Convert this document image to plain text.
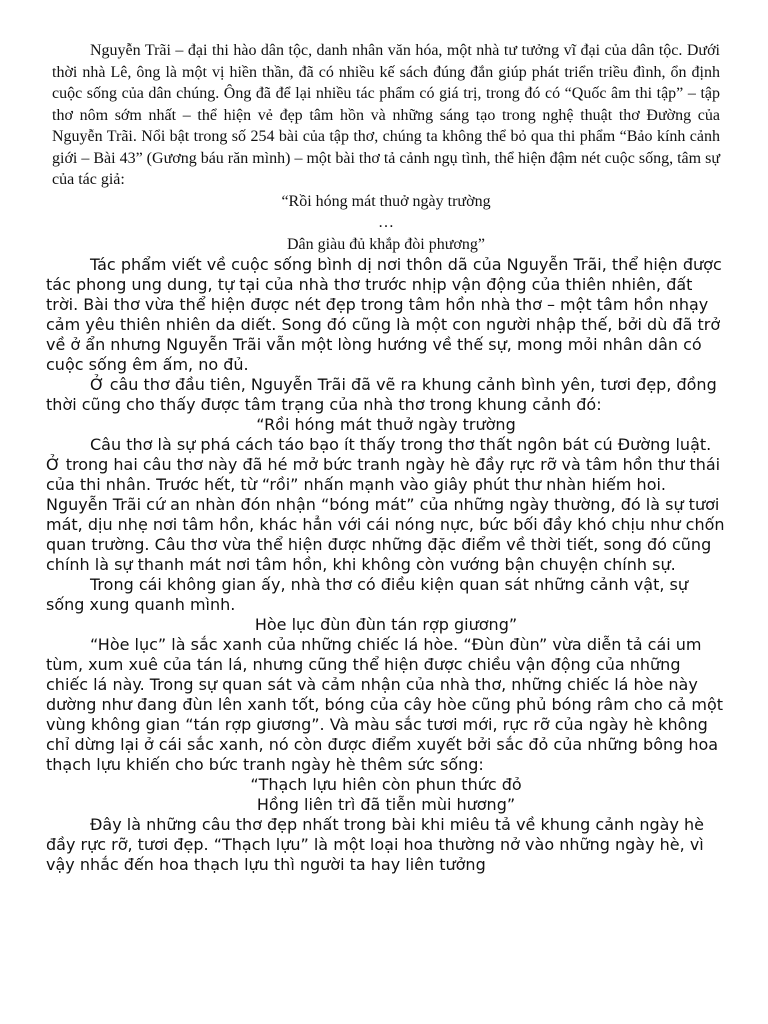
Nguyễn Trãi – đại thi hào dân tộc, danh nhân văn hóa, một nhà tư tưởng vĩ đại của dân tộc. Dưới thời nhà Lê, ông là một vị hiền thần, đã có nhiều kế sách đúng đắn giúp phát triển triều đình, ổn định cuộc sống của dân chúng. Ông đã để lại nhiều tác phẩm có giá trị, trong đó có “Quốc âm thi tập” – tập thơ nôm sớm nhất – thể hiện vẻ đẹp tâm hồn và những sáng tạo trong nghệ thuật thơ Đường của Nguyễn Trãi. Nổi bật trong số 254 bài của tập thơ, chúng ta không thể bỏ qua thi phẩm “Bảo kính cảnh giới – Bài 43” (Gương báu răn mình) – một bài thơ tả cảnh ngụ tình, thể hiện đậm nét cuộc sống, tâm sự của tác giả:

“Rồi hóng mát thuở ngày trường

…

Dân giàu đủ khắp đòi phương”

Tác phẩm viết về cuộc sống bình dị nơi thôn dã của Nguyễn Trãi, thể hiện được tác phong ung dung, tự tại của nhà thơ trước nhịp vận động của thiên nhiên, đất trời. Bài thơ vừa thể hiện được nét đẹp trong tâm hồn nhà thơ – một tâm hồn nhạy cảm yêu thiên nhiên da diết. Song đó cũng là một con người nhập thế, bởi dù đã trở về ở ẩn nhưng Nguyễn Trãi vẫn một lòng hướng về thế sự, mong mỏi nhân dân có cuộc sống êm ấm, no đủ.

Ở câu thơ đầu tiên, Nguyễn Trãi đã vẽ ra khung cảnh bình yên, tươi đẹp, đồng thời cũng cho thấy được tâm trạng của nhà thơ trong khung cảnh đó:

“Rồi hóng mát thuở ngày trường

Câu thơ là sự phá cách táo bạo ít thấy trong thơ thất ngôn bát cú Đường luật. Ở trong hai câu thơ này đã hé mở bức tranh ngày hè đầy rực rỡ và tâm hồn thư thái của thi nhân. Trước hết, từ “rồi” nhấn mạnh vào giây phút thư nhàn hiếm hoi. Nguyễn Trãi cứ an nhàn đón nhận “bóng mát” của những ngày thường, đó là sự tươi mát, dịu nhẹ nơi tâm hồn, khác hẳn với cái nóng nực, bức bối đầy khó chịu như chốn quan trường. Câu thơ vừa thể hiện được những đặc điểm về thời tiết, song đó cũng chính là sự thanh mát nơi tâm hồn, khi không còn vướng bận chuyện chính sự.

Trong cái không gian ấy, nhà thơ có điều kiện quan sát những cảnh vật, sự sống xung quanh mình.

Hòe lục đùn đùn tán rợp giương”

“Hòe lục” là sắc xanh của những chiếc lá hòe. “Đùn đùn” vừa diễn tả cái um tùm, xum xuê của tán lá, nhưng cũng thể hiện được chiều vận động của những chiếc lá này. Trong sự quan sát và cảm nhận của nhà thơ, những chiếc lá hòe này dường như đang đùn lên xanh tốt, bóng của cây hòe cũng phủ bóng râm cho cả một vùng không gian “tán rợp giương”. Và màu sắc tươi mới, rực rỡ của ngày hè không chỉ dừng lại ở cái sắc xanh, nó còn được điểm xuyết bởi sắc đỏ của những bông hoa thạch lựu khiến cho bức tranh ngày hè thêm sức sống:

“Thạch lựu hiên còn phun thức đỏ

Hồng liên trì đã tiễn mùi hương”

Đây là những câu thơ đẹp nhất trong bài khi miêu tả về khung cảnh ngày hè đầy rực rỡ, tươi đẹp. “Thạch lựu” là một loại hoa thường nở vào những ngày hè, vì vậy nhắc đến hoa thạch lựu thì người ta hay liên tưởng
